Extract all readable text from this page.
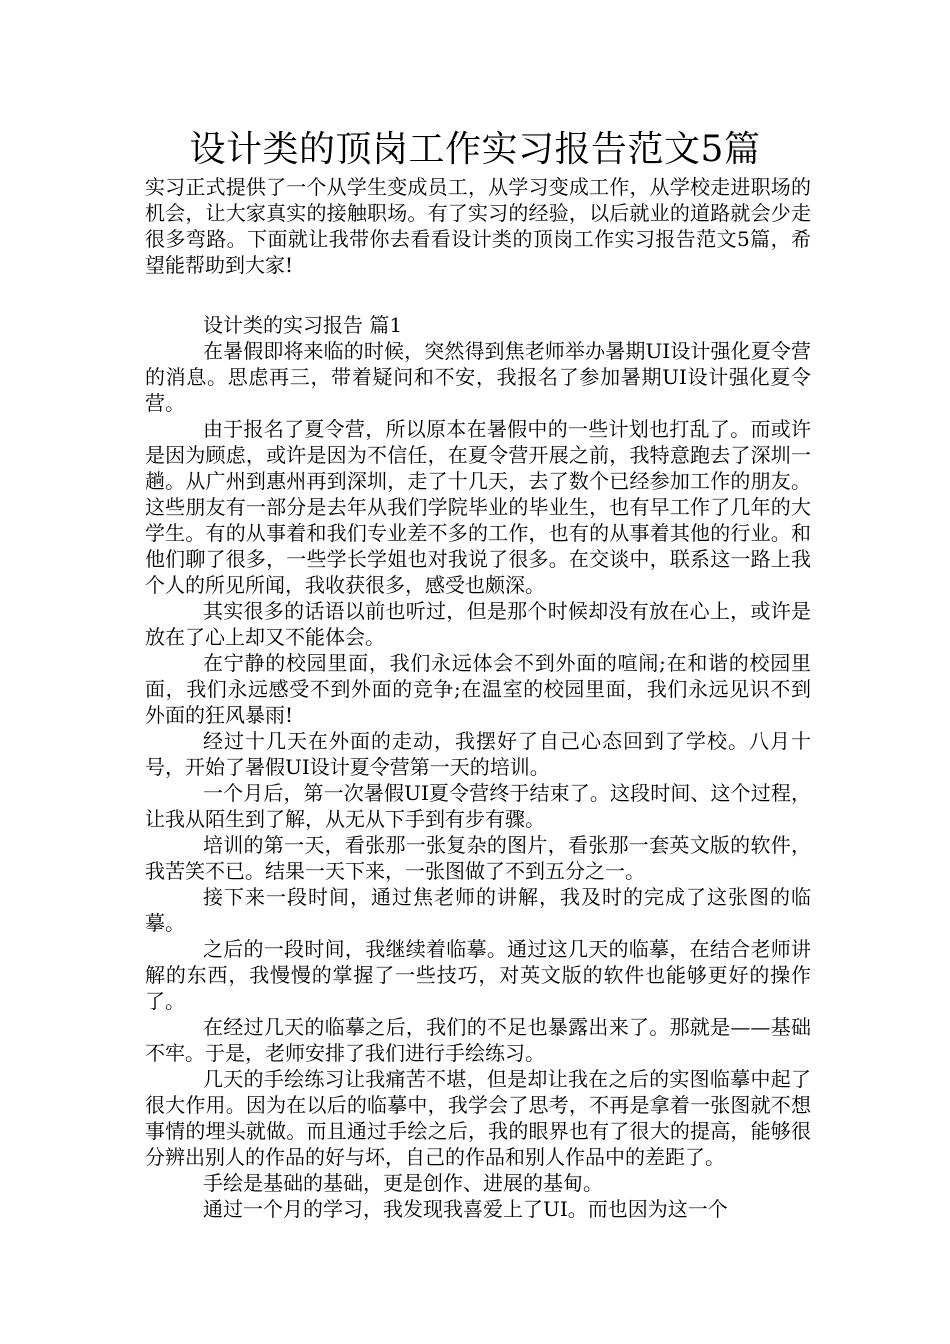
设计类的顶岗工作实习报告范文5篇

实习正式提供了一个从学生变成员工，从学习变成工作，从学校走进职场的机会，让大家真实的接触职场。有了实习的经验，以后就业的道路就会少走很多弯路。下面就让我带你去看看设计类的顶岗工作实习报告范文5篇，希望能帮助到大家!

设计类的实习报告 篇1

在暑假即将来临的时候，突然得到焦老师举办暑期UI设计强化夏令营的消息。思虑再三，带着疑问和不安，我报名了参加暑期UI设计强化夏令营。

由于报名了夏令营，所以原本在暑假中的一些计划也打乱了。而或许是因为顾虑，或许是因为不信任，在夏令营开展之前，我特意跑去了深圳一趟。从广州到惠州再到深圳，走了十几天，去了数个已经参加工作的朋友。这些朋友有一部分是去年从我们学院毕业的毕业生，也有早工作了几年的大学生。有的从事着和我们专业差不多的工作，也有的从事着其他的行业。和他们聊了很多，一些学长学姐也对我说了很多。在交谈中，联系这一路上我个人的所见所闻，我收获很多，感受也颇深。

其实很多的话语以前也听过，但是那个时候却没有放在心上，或许是放在了心上却又不能体会。

在宁静的校园里面，我们永远体会不到外面的喧闹;在和谐的校园里面，我们永远感受不到外面的竞争;在温室的校园里面，我们永远见识不到外面的狂风暴雨!

经过十几天在外面的走动，我摆好了自己心态回到了学校。八月十号，开始了暑假UI设计夏令营第一天的培训。

一个月后，第一次暑假UI夏令营终于结束了。这段时间、这个过程，让我从陌生到了解，从无从下手到有步有骤。

培训的第一天，看张那一张复杂的图片，看张那一套英文版的软件，我苦笑不已。结果一天下来，一张图做了不到五分之一。

接下来一段时间，通过焦老师的讲解，我及时的完成了这张图的临摹。

之后的一段时间，我继续着临摹。通过这几天的临摹，在结合老师讲解的东西，我慢慢的掌握了一些技巧，对英文版的软件也能够更好的操作了。

在经过几天的临摹之后，我们的不足也暴露出来了。那就是——基础不牢。于是，老师安排了我们进行手绘练习。

几天的手绘练习让我痛苦不堪，但是却让我在之后的实图临摹中起了很大作用。因为在以后的临摹中，我学会了思考，不再是拿着一张图就不想事情的埋头就做。而且通过手绘之后，我的眼界也有了很大的提高，能够很分辨出别人的作品的好与坏，自己的作品和别人作品中的差距了。

手绘是基础的基础，更是创作、进展的基甸。

通过一个月的学习，我发现我喜爱上了UI。而也因为这一个
